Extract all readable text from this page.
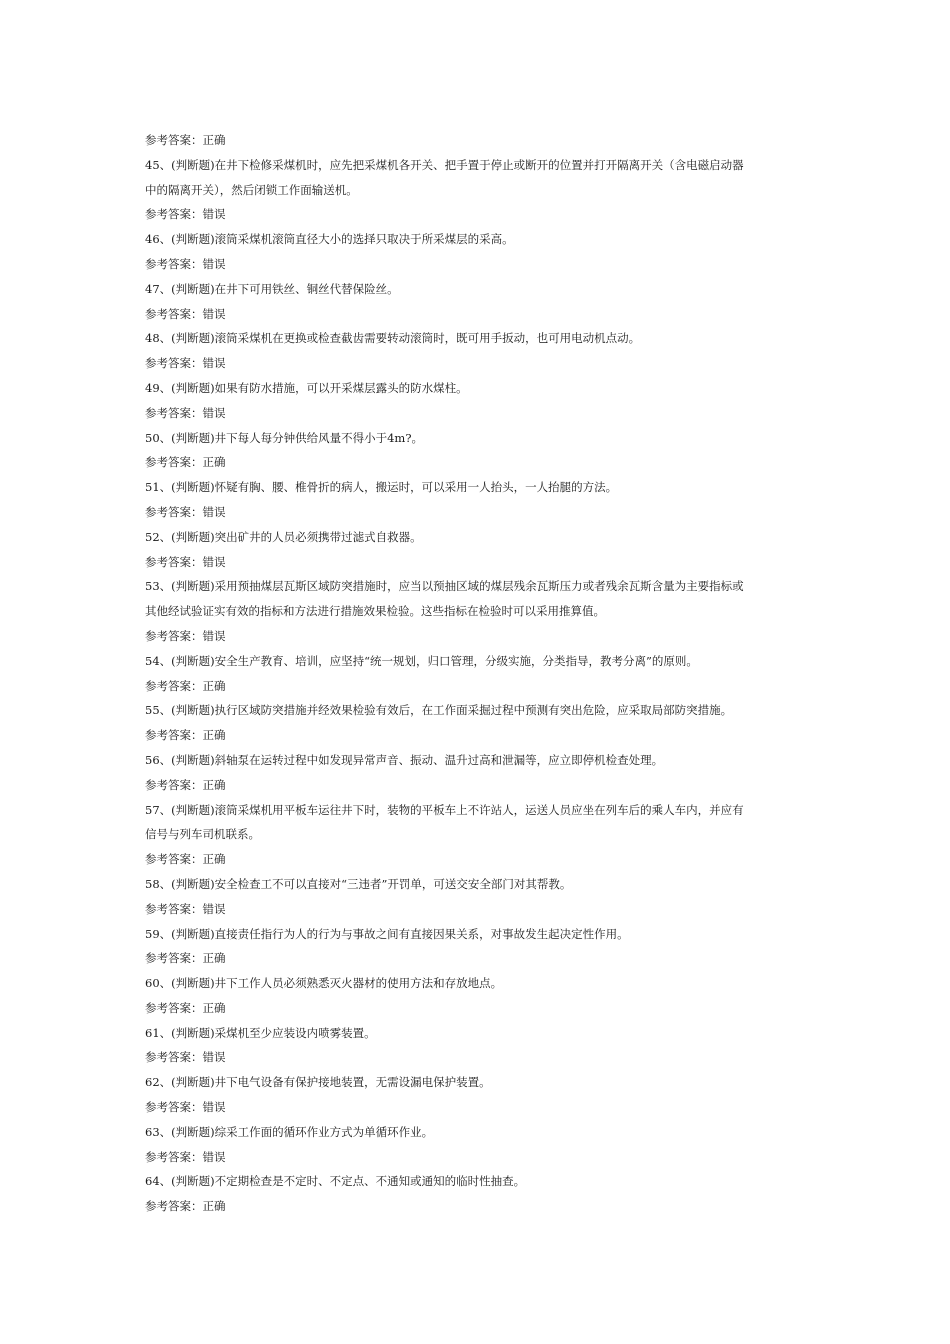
参考答案：正确
45、(判断题)在井下检修采煤机时，应先把采煤机各开关、把手置于停止或断开的位置并打开隔离开关（含电磁启动器
中的隔离开关），然后闭锁工作面输送机。
参考答案：错误
46、(判断题)滚筒采煤机滚筒直径大小的选择只取决于所采煤层的采高。
参考答案：错误
47、(判断题)在井下可用铁丝、铜丝代替保险丝。
参考答案：错误
48、(判断题)滚筒采煤机在更换或检查截齿需要转动滚筒时，既可用手扳动，也可用电动机点动。
参考答案：错误
49、(判断题)如果有防水措施，可以开采煤层露头的防水煤柱。
参考答案：错误
50、(判断题)井下每人每分钟供给风量不得小于4m?。
参考答案：正确
51、(判断题)怀疑有胸、腰、椎骨折的病人，搬运时，可以采用一人抬头，一人抬腿的方法。
参考答案：错误
52、(判断题)突出矿井的人员必须携带过滤式自救器。
参考答案：错误
53、(判断题)采用预抽煤层瓦斯区域防突措施时，应当以预抽区域的煤层残余瓦斯压力或者残余瓦斯含量为主要指标或
其他经试验证实有效的指标和方法进行措施效果检验。这些指标在检验时可以采用推算值。
参考答案：错误
54、(判断题)安全生产教育、培训，应坚持“统一规划，归口管理，分级实施，分类指导，教考分离”的原则。
参考答案：正确
55、(判断题)执行区域防突措施并经效果检验有效后，在工作面采掘过程中预测有突出危险，应采取局部防突措施。
参考答案：正确
56、(判断题)斜轴泵在运转过程中如发现异常声音、振动、温升过高和泄漏等，应立即停机检查处理。
参考答案：正确
57、(判断题)滚筒采煤机用平板车运往井下时，装物的平板车上不许站人，运送人员应坐在列车后的乘人车内，并应有
信号与列车司机联系。
参考答案：正确
58、(判断题)安全检查工不可以直接对“三违者”开罚单，可送交安全部门对其帮教。
参考答案：错误
59、(判断题)直接责任指行为人的行为与事故之间有直接因果关系，对事故发生起决定性作用。
参考答案：正确
60、(判断题)井下工作人员必须熟悉灭火器材的使用方法和存放地点。
参考答案：正确
61、(判断题)采煤机至少应装设内喷雾装置。
参考答案：错误
62、(判断题)井下电气设备有保护接地装置，无需设漏电保护装置。
参考答案：错误
63、(判断题)综采工作面的循环作业方式为单循环作业。
参考答案：错误
64、(判断题)不定期检查是不定时、不定点、不通知或通知的临时性抽查。
参考答案：正确
